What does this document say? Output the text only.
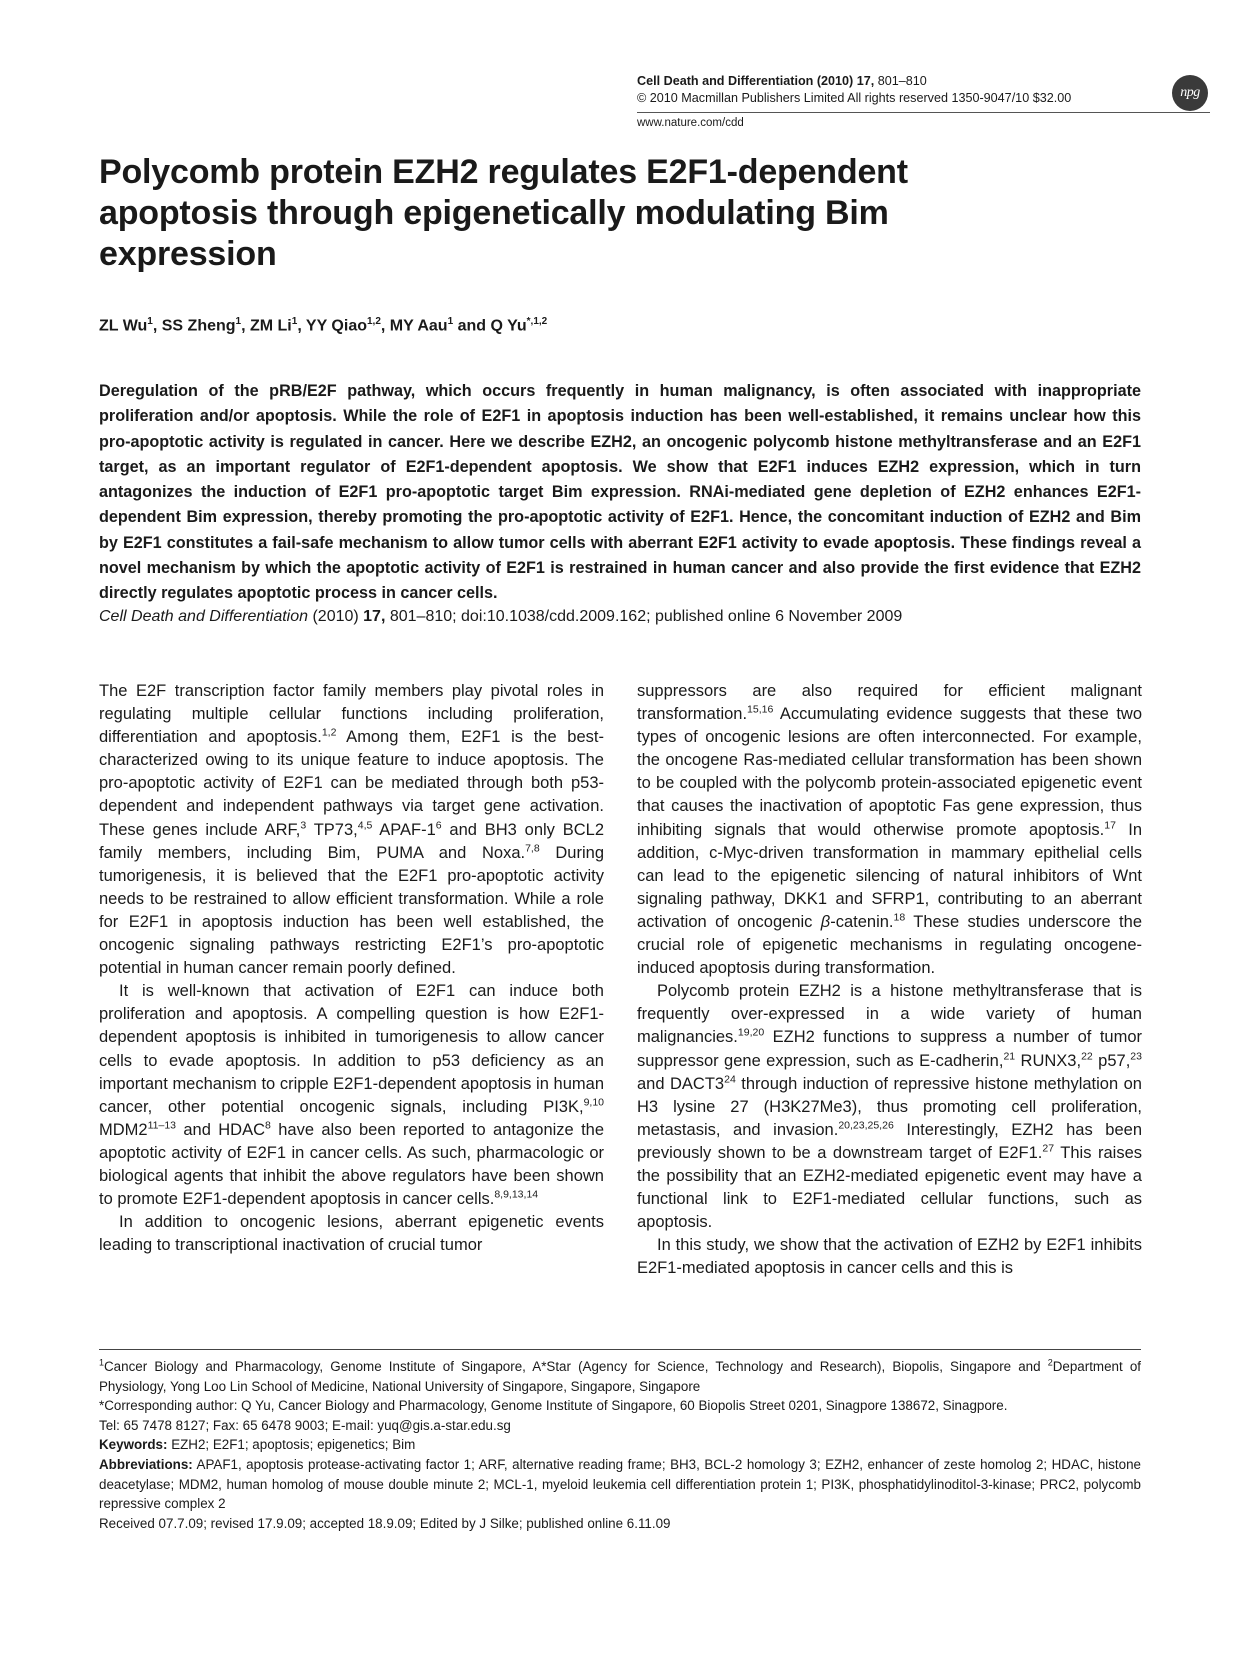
Cell Death and Differentiation (2010) 17, 801–810
© 2010 Macmillan Publishers Limited All rights reserved 1350-9047/10 $32.00
www.nature.com/cdd
npg
Polycomb protein EZH2 regulates E2F1-dependent apoptosis through epigenetically modulating Bim expression
ZL Wu$^1$, SS Zheng$^1$, ZM Li$^1$, YY Qiao$^{1,2}$, MY Aau$^1$ and Q $Yu^{*,1,2}$
Deregulation of the pRB/E2F pathway, which occurs frequently in human malignancy, is often associated with inappropriate proliferation and/or apoptosis. While the role of E2F1 in apoptosis induction has been well-established, it remains unclear how this pro-apoptotic activity is regulated in cancer. Here we describe EZH2, an oncogenic polycomb histone methyltransferase and an E2F1 target, as an important regulator of E2F1-dependent apoptosis. We show that E2F1 induces EZH2 expression, which in turn antagonizes the induction of E2F1 pro-apoptotic target Bim expression. RNAi-mediated gene depletion of EZH2 enhances E2F1-dependent Bim expression, thereby promoting the pro-apoptotic activity of E2F1. Hence, the concomitant induction of EZH2 and Bim by E2F1 constitutes a fail-safe mechanism to allow tumor cells with aberrant E2F1 activity to evade apoptosis. These findings reveal a novel mechanism by which the apoptotic activity of E2F1 is restrained in human cancer and also provide the first evidence that EZH2 directly regulates apoptotic process in cancer cells.
Cell Death and Differentiation (2010) 17, 801–810; doi:10.1038/cdd.2009.162; published online 6 November 2009

The E2F transcription factor family members play pivotal roles in regulating multiple cellular functions including proliferation, differentiation and apoptosis.$^{1,2}$ Among them, E2F1 is the best-characterized owing to its unique feature to induce apoptosis. The pro-apoptotic activity of E2F1 can be mediated through both p53-dependent and independent pathways via target gene activation. These genes include ARF,$^3$ TP73,$^{4,5}$ APAF-$1^6$ and BH3 only BCL2 family members, including Bim, PUMA and Noxa.$^{7,8}$ During tumorigenesis, it is believed that the E2F1 pro-apoptotic activity needs to be restrained to allow efficient transformation. While a role for E2F1 in apoptosis induction has been well established, the oncogenic signaling pathways restricting E2F1’s pro-apoptotic potential in human cancer remain poorly defined.

It is well-known that activation of E2F1 can induce both proliferation and apoptosis. A compelling question is how E2F1-dependent apoptosis is inhibited in tumorigenesis to allow cancer cells to evade apoptosis. In addition to p53 deficiency as an important mechanism to cripple E2F1-dependent apoptosis in human cancer, other potential oncogenic signals, including PI3K,$^{9,10}$ MDM2$^{11-13}$ and HDAC$^8$ have also been reported to antagonize the apoptotic activity of E2F1 in cancer cells. As such, pharmacologic or biological agents that inhibit the above regulators have been shown to promote E2F1-dependent apoptosis in cancer cells.$^{8,9,13,14}$

In addition to oncogenic lesions, aberrant epigenetic events leading to transcriptional inactivation of crucial tumor

suppressors are also required for efficient malignant transformation.$^{15,16}$ Accumulating evidence suggests that these two types of oncogenic lesions are often interconnected. For example, the oncogene Ras-mediated cellular transformation has been shown to be coupled with the polycomb protein-associated epigenetic event that causes the inactivation of apoptotic Fas gene expression, thus inhibiting signals that would otherwise promote apoptosis.$^{17}$ In addition, c-Myc-driven transformation in mammary epithelial cells can lead to the epigenetic silencing of natural inhibitors of Wnt signaling pathway, DKK1 and SFRP1, contributing to an aberrant activation of oncogenic β-catenin.$^{18}$ These studies underscore the crucial role of epigenetic mechanisms in regulating oncogene-induced apoptosis during transformation.

Polycomb protein EZH2 is a histone methyltransferase that is frequently over-expressed in a wide variety of human malignancies.$^{19,20}$ EZH2 functions to suppress a number of tumor suppressor gene expression, such as E-cadherin,$^{21}$ RUNX3,22 p57,23 and $DACT3^{24}$ through induction of repressive histone methylation on H3 lysine 27 (H3K27Me3), thus promoting cell proliferation, metastasis, and invasion.$^{20,23,25,26}$ Interestingly, EZH2 has been previously shown to be a downstream target of E2F1.27 This raises the possibility that an EZH2-mediated epigenetic event may have a functional link to E2F1-mediated cellular functions, such as apoptosis.

In this study, we show that the activation of EZH2 by E2F1 inhibits E2F1-mediated apoptosis in cancer cells and this is

$^1$Cancer Biology and Pharmacology, Genome Institute of Singapore, A*Star (Agency for Science, Technology and Research), Biopolis, Singapore and $^2$Department of Physiology, Yong Loo Lin School of Medicine, National University of Singapore, Singapore, Singapore

*Corresponding author: Q Yu, Cancer Biology and Pharmacology, Genome Institute of Singapore, 60 Biopolis Street 0201, Sinagpore 138672, Sinagpore.

Tel: 65 7478 8127; Fax: 65 6478 9003; E-mail: yuq@gis.a-star.edu.sg

Keywords: EZH2; E2F1; apoptosis; epigenetics; Bim

Abbreviations: APAF1, apoptosis protease-activating factor 1; ARF, alternative reading frame; BH3, BCL-2 homology 3; EZH2, enhancer of zeste homolog 2; HDAC, histone deacetylase; MDM2, human homolog of mouse double minute 2; MCL-1, myeloid leukemia cell differentiation protein 1; PI3K, phosphatidylinoditol-3-kinase; PRC2, polycomb repressive complex 2

Received 07.7.09; revised 17.9.09; accepted 18.9.09; Edited by J Silke; published online 6.11.09
